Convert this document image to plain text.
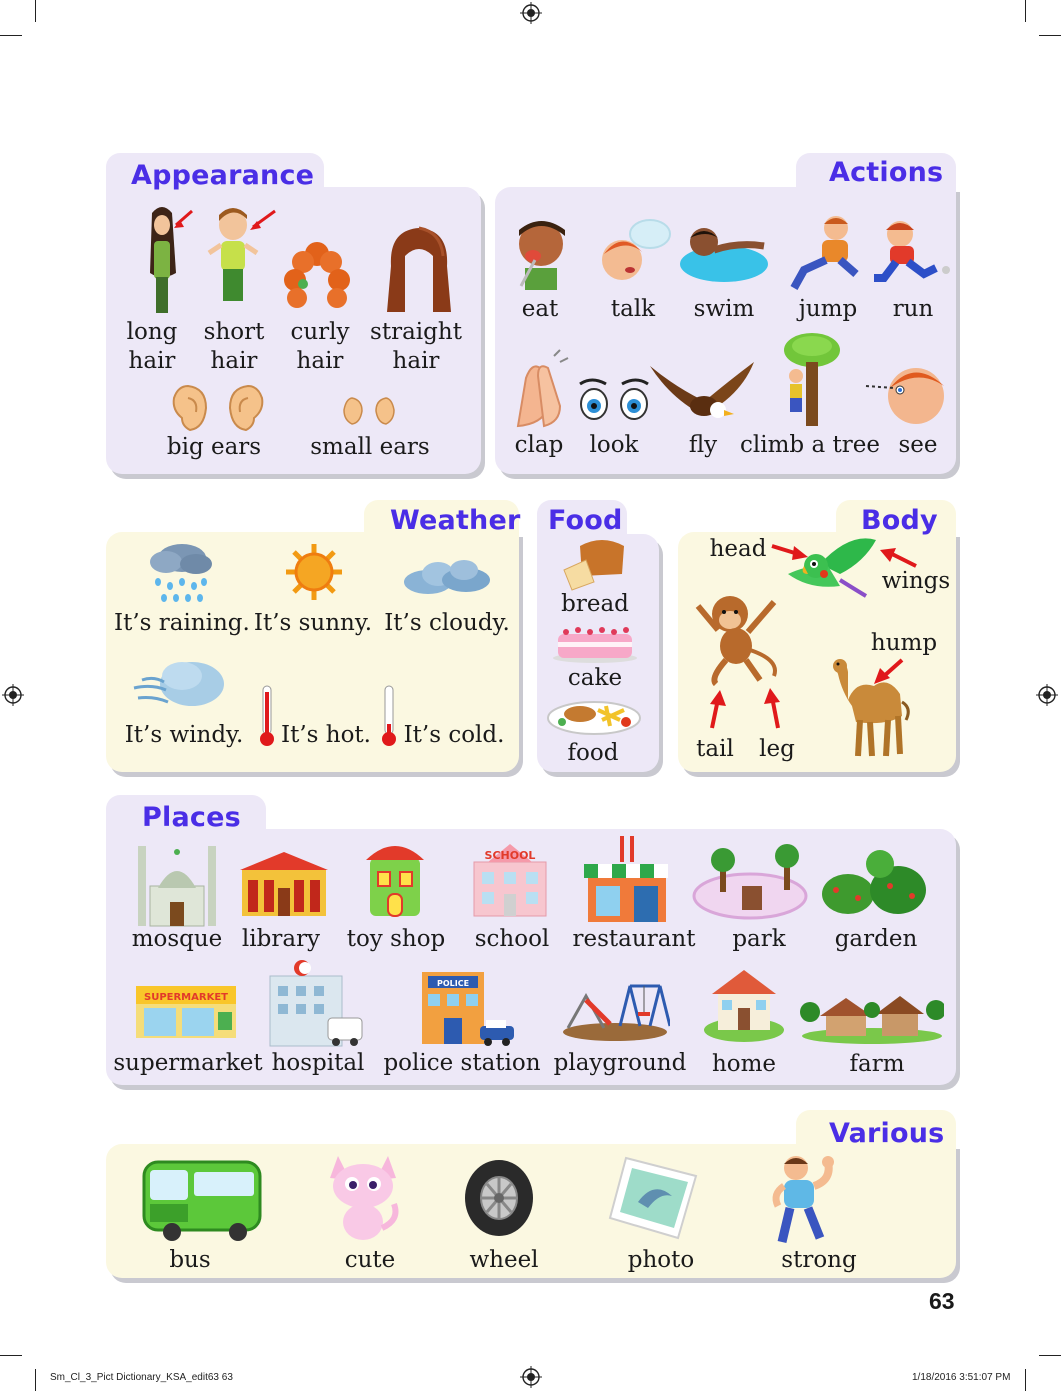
Appearance
long
hair
short
hair
curly
hair
straight
hair
big ears small ears
Actions
eat	talk	swim	jump	run
clap	look	fly climb a tree see
Weather
It’s raining. It’s sunny. It’s cloudy.
It’s windy. It’s hot. It’s cold.
Food
bread
cake
food
Body
head
wings
hump
tail leg
Places
SCHOOL
mosque library toy shop school restaurant park garden
SUPERMARKET
POLICE
supermarket hospital police station playground	home	farm
Various
bus	cute	wheel	photo	strong
63
Sm_Cl_3_Pict Dictionary_KSA_edit63 63	1/18/2016 3:51:07 PM
